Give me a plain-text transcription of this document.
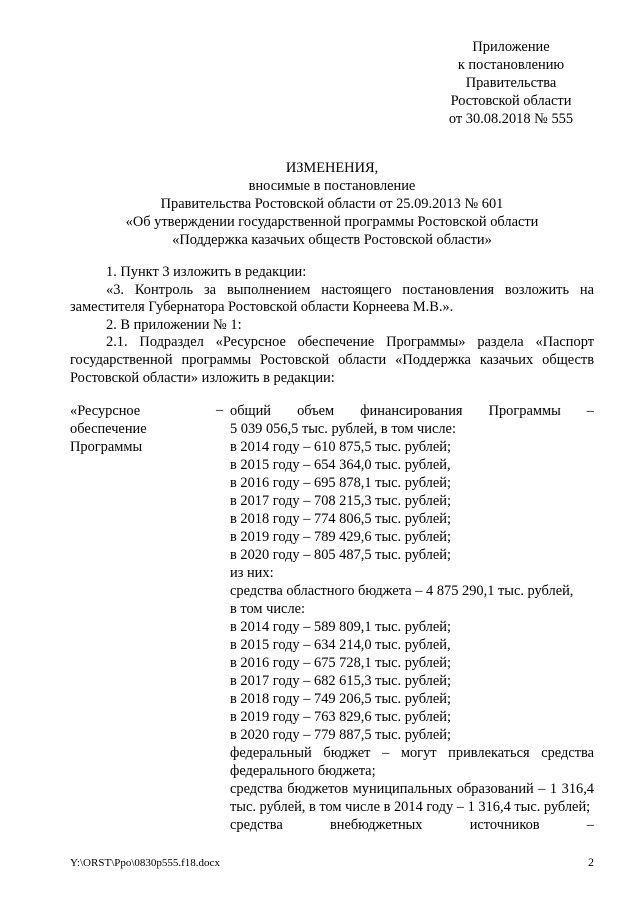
Приложение
к постановлению
Правительства
Ростовской области
от 30.08.2018 № 555
ИЗМЕНЕНИЯ,
вносимые в постановление
Правительства Ростовской области от 25.09.2013 № 601
«Об утверждении государственной программы Ростовской области
«Поддержка казачьих обществ Ростовской области»

1. Пункт 3 изложить в редакции:

«3. Контроль за выполнением настоящего постановления возложить на заместителя Губернатора Ростовской области Корнеева М.В.».

2. В приложении № 1:

2.1. Подраздел «Ресурсное обеспечение Программы» раздела «Паспорт государственной программы Ростовской области «Поддержка казачьих обществ Ростовской области» изложить в редакции:

«Ресурсное
обеспечение
Программы
– общий объем финансирования Программы –
5 039 056,5 тыс. рублей, в том числе:
в 2014 году – 610 875,5 тыс. рублей;
в 2015 году – 654 364,0 тыс. рублей,
в 2016 году – 695 878,1 тыс. рублей;
в 2017 году – 708 215,3 тыс. рублей;
в 2018 году – 774 806,5 тыс. рублей;
в 2019 году – 789 429,6 тыс. рублей;
в 2020 году – 805 487,5 тыс. рублей;
из них:
средства областного бюджета – 4 875 290,1 тыс. рублей,
в том числе:
в 2014 году – 589 809,1 тыс. рублей;
в 2015 году – 634 214,0 тыс. рублей,
в 2016 году – 675 728,1 тыс. рублей;
в 2017 году – 682 615,3 тыс. рублей;
в 2018 году – 749 206,5 тыс. рублей;
в 2019 году – 763 829,6 тыс. рублей;
в 2020 году – 779 887,5 тыс. рублей;
федеральный бюджет – могут привлекаться средства федерального бюджета;
средства бюджетов муниципальных образований – 1 316,4 тыс. рублей, в том числе в 2014 году – 1 316,4 тыс. рублей;
средства внебюджетных источников –
Y:\ORST\Ppo\0830p555.f18.docx	2
